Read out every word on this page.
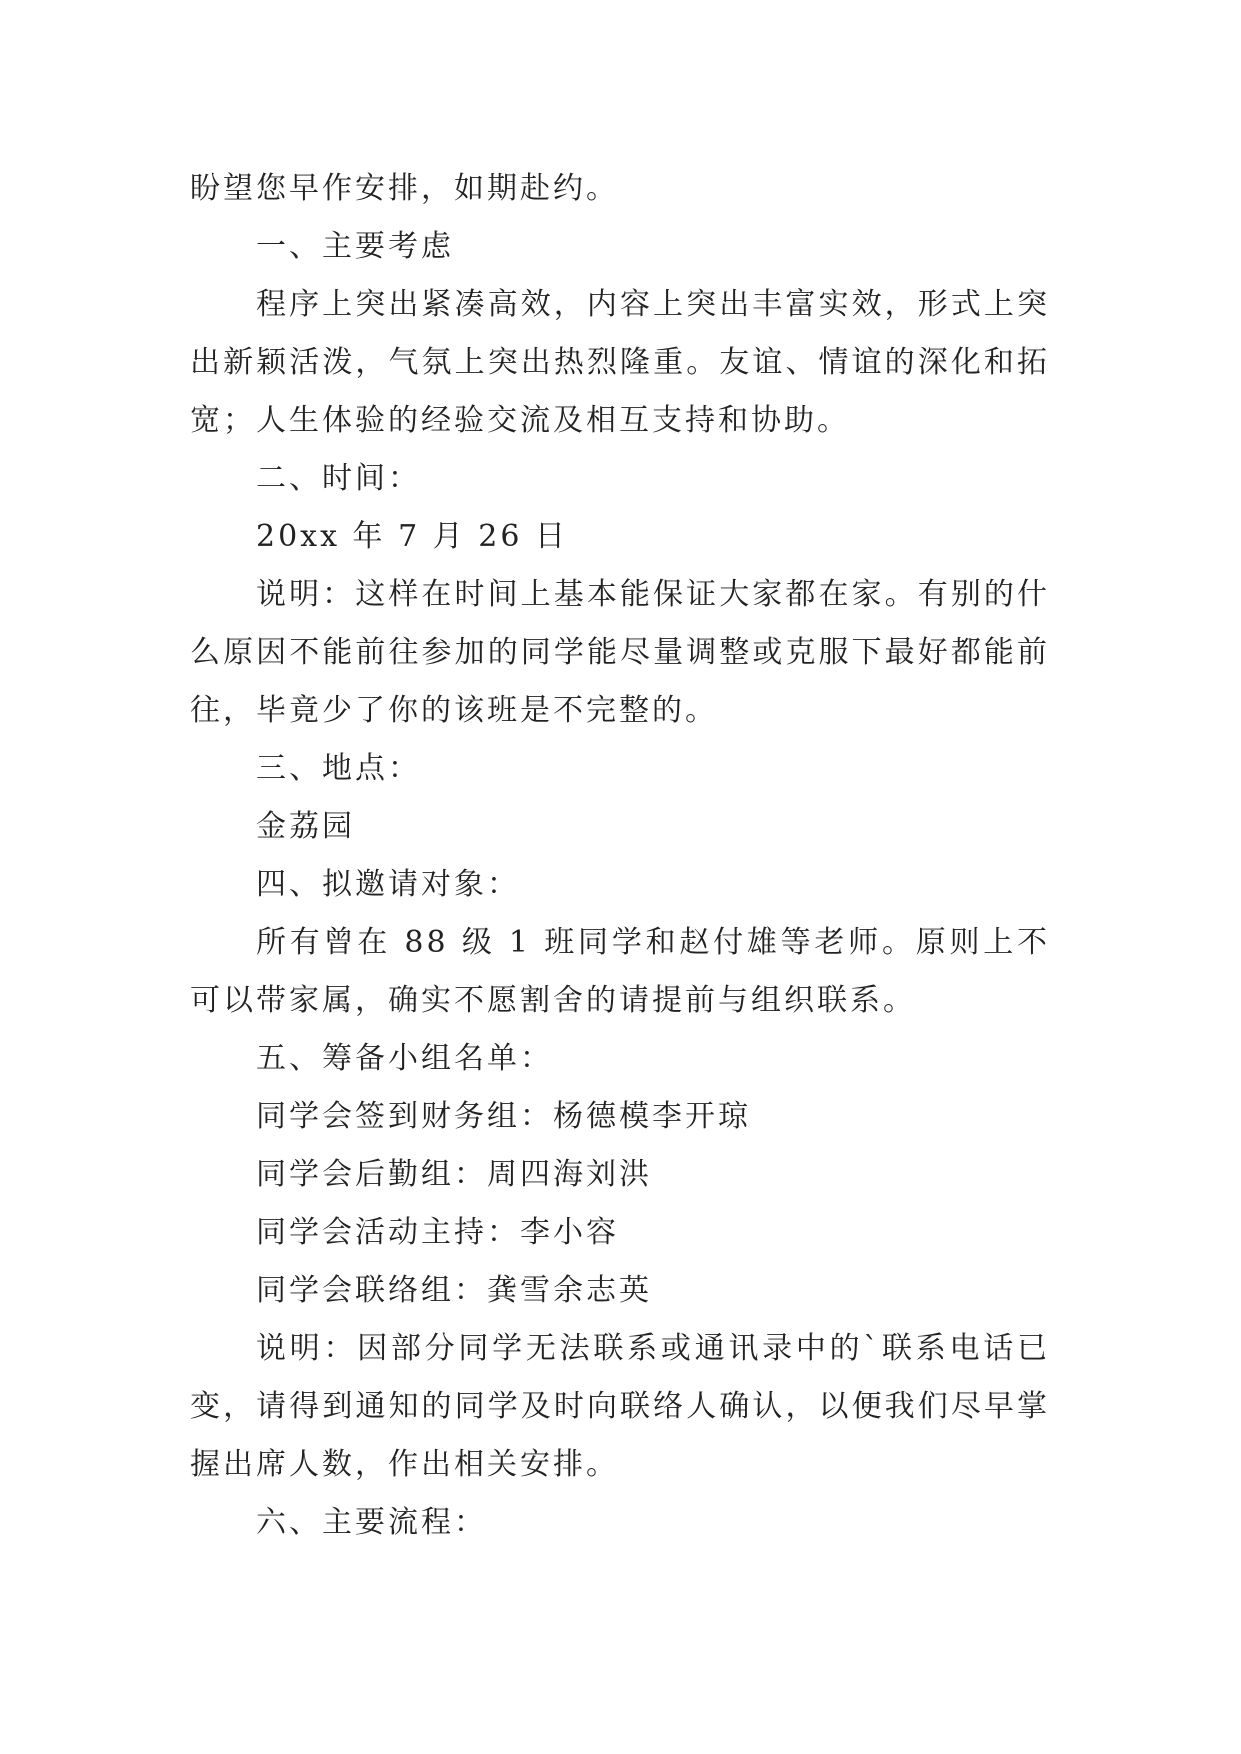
盼望您早作安排，如期赴约。

一、主要考虑

程序上突出紧凑高效，内容上突出丰富实效，形式上突出新颖活泼，气氛上突出热烈隆重。友谊、情谊的深化和拓宽；人生体验的经验交流及相互支持和协助。

二、时间：

20xx 年 7 月 26 日

说明：这样在时间上基本能保证大家都在家。有别的什么原因不能前往参加的同学能尽量调整或克服下最好都能前往，毕竟少了你的该班是不完整的。

三、地点：

金荔园

四、拟邀请对象：

所有曾在 88 级 1 班同学和赵付雄等老师。原则上不可以带家属，确实不愿割舍的请提前与组织联系。

五、筹备小组名单：

同学会签到财务组：杨德模李开琼

同学会后勤组：周四海刘洪

同学会活动主持：李小容

同学会联络组：龚雪余志英

说明：因部分同学无法联系或通讯录中的`联系电话已变，请得到通知的同学及时向联络人确认，以便我们尽早掌握出席人数，作出相关安排。

六、主要流程：
